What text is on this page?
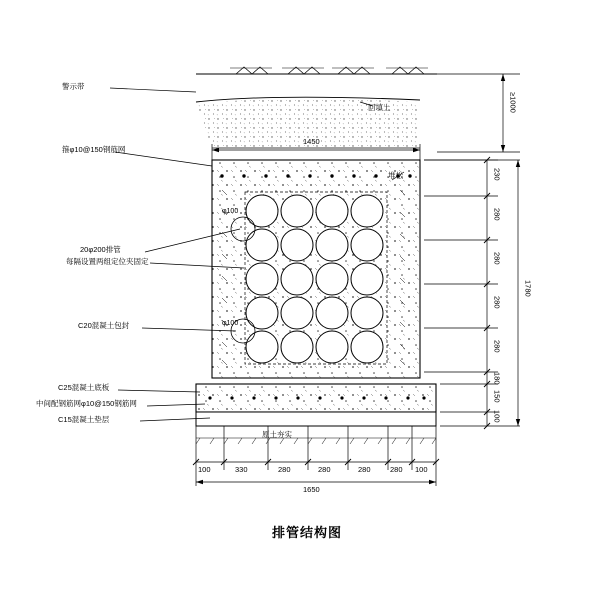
警示带
回填土
箍φ10@150钢筋网
堆松
φ100
φ100
20φ200排管
每隔设置两组定位夹固定
C20混凝土包封
C25混凝土底板
中间配钢筋网φ10@150钢筋网
C15混凝土垫层
原土夯实
1450
100	330	280	280	280	280 100
1650
230
280
280
280
280
180
150
100
1780
≥1000
排管结构图
